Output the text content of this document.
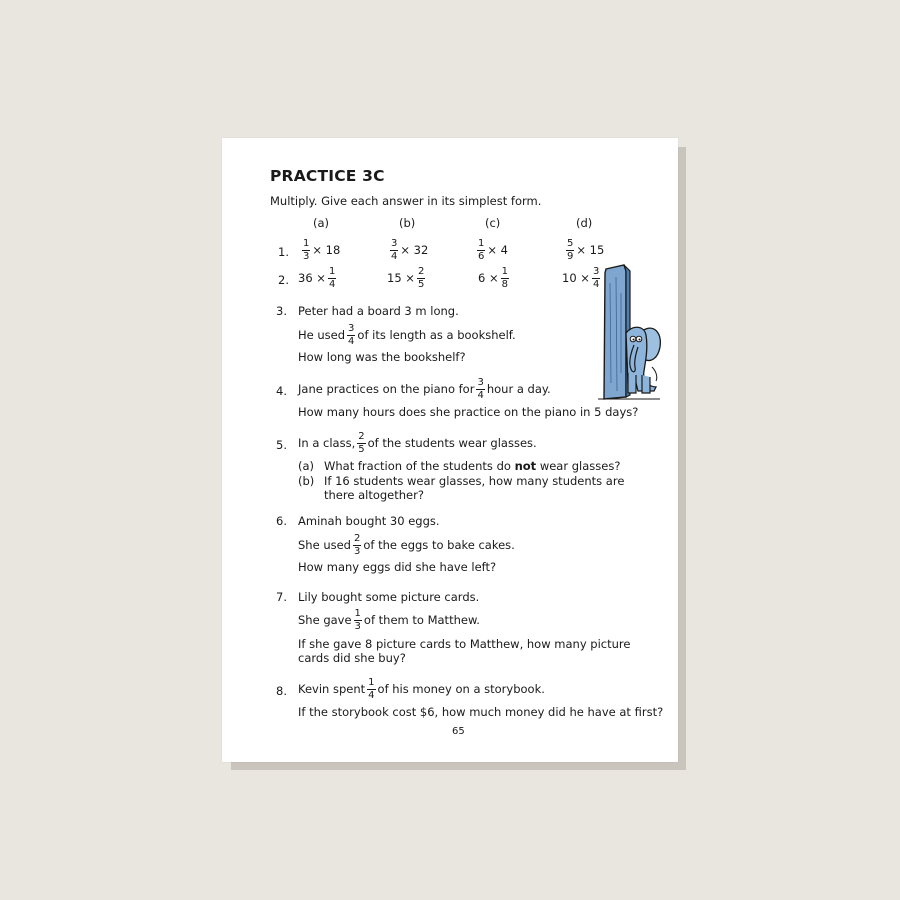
PRACTICE 3C
Multiply. Give each answer in its simplest form.
(a)	(b)	(c)	(d)
1. $\frac{1}{3} \times 18$	$\frac{3}{4} \times 32$	$\frac{1}{6} \times 4$	$\frac{5}{9} \times 15$
2. $36 \times \frac{1}{4}$	$15 \times \frac{2}{5}$	$6 \times \frac{1}{8}$	$10 \times \frac{3}{4}$
3. Peter had a board 3 m long.
He used $\frac{3}{4}$ of its length as a bookshelf.
How long was the bookshelf?
4. Jane practices on the piano for $\frac{3}{4}$ hour a day.
How many hours does she practice on the piano in 5 days?
5. In a class, $\frac{2}{5}$ of the students wear glasses.
(a) What fraction of the students do not wear glasses?
(b) If 16 students wear glasses, how many students are there altogether?
6. Aminah bought 30 eggs.
She used $\frac{2}{3}$ of the eggs to bake cakes.
How many eggs did she have left?
7. Lily bought some picture cards.
She gave $\frac{1}{3}$ of them to Matthew.
If she gave 8 picture cards to Matthew, how many picture cards did she buy?
8. Kevin spent $\frac{1}{4}$ of his money on a storybook.
If the storybook cost $6, how much money did he have at first?
65
